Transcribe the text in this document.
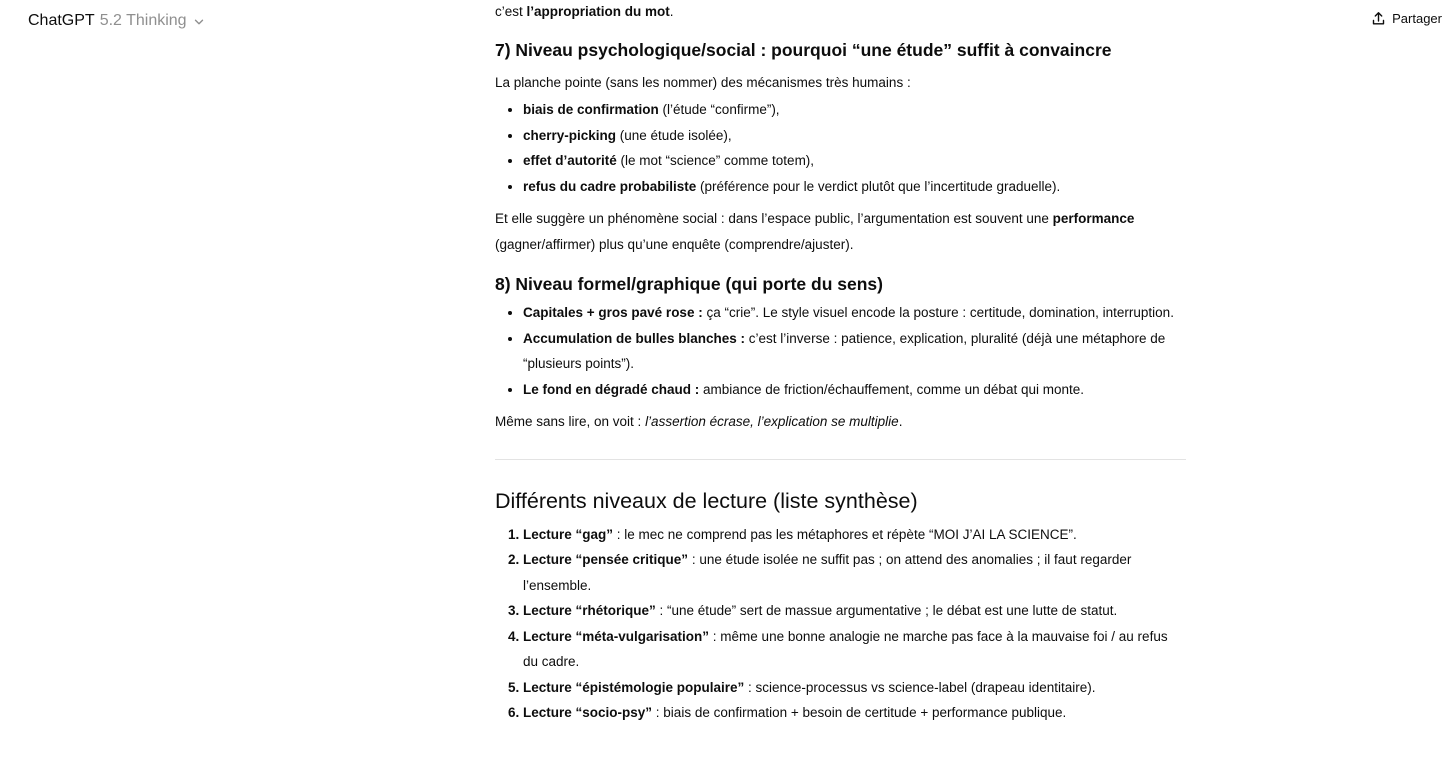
ChatGPT 5.2 Thinking	Partager

c’est l’appropriation du mot.

7) Niveau psychologique/social : pourquoi “une étude” suffit à convaincre

La planche pointe (sans les nommer) des mécanismes très humains :

• biais de confirmation (l’étude “confirme”),
• cherry-picking (une étude isolée),
• effet d’autorité (le mot “science” comme totem),
• refus du cadre probabiliste (préférence pour le verdict plutôt que l’incertitude graduelle).

Et elle suggère un phénomène social : dans l’espace public, l’argumentation est souvent une performance (gagner/affirmer) plus qu’une enquête (comprendre/ajuster).

8) Niveau formel/graphique (qui porte du sens)
• Capitales + gros pavé rose : ça “crie”. Le style visuel encode la posture : certitude, domination, interruption.
• Accumulation de bulles blanches : c’est l’inverse : patience, explication, pluralité (déjà une métaphore de “plusieurs points”).
• Le fond en dégradé chaud : ambiance de friction/échauffement, comme un débat qui monte.

Même sans lire, on voit : l’assertion écrase, l’explication se multiplie.

Différents niveaux de lecture (liste synthèse)
1. Lecture “gag” : le mec ne comprend pas les métaphores et répète “MOI J’AI LA SCIENCE”.
2. Lecture “pensée critique” : une étude isolée ne suffit pas ; on attend des anomalies ; il faut regarder l’ensemble.
3. Lecture “rhétorique” : “une étude” sert de massue argumentative ; le débat est une lutte de statut.
4. Lecture “méta-vulgarisation” : même une bonne analogie ne marche pas face à la mauvaise foi / au refus du cadre.
5. Lecture “épistémologie populaire” : science-processus vs science-label (drapeau identitaire).
6. Lecture “socio-psy” : biais de confirmation + besoin de certitude + performance publique.
